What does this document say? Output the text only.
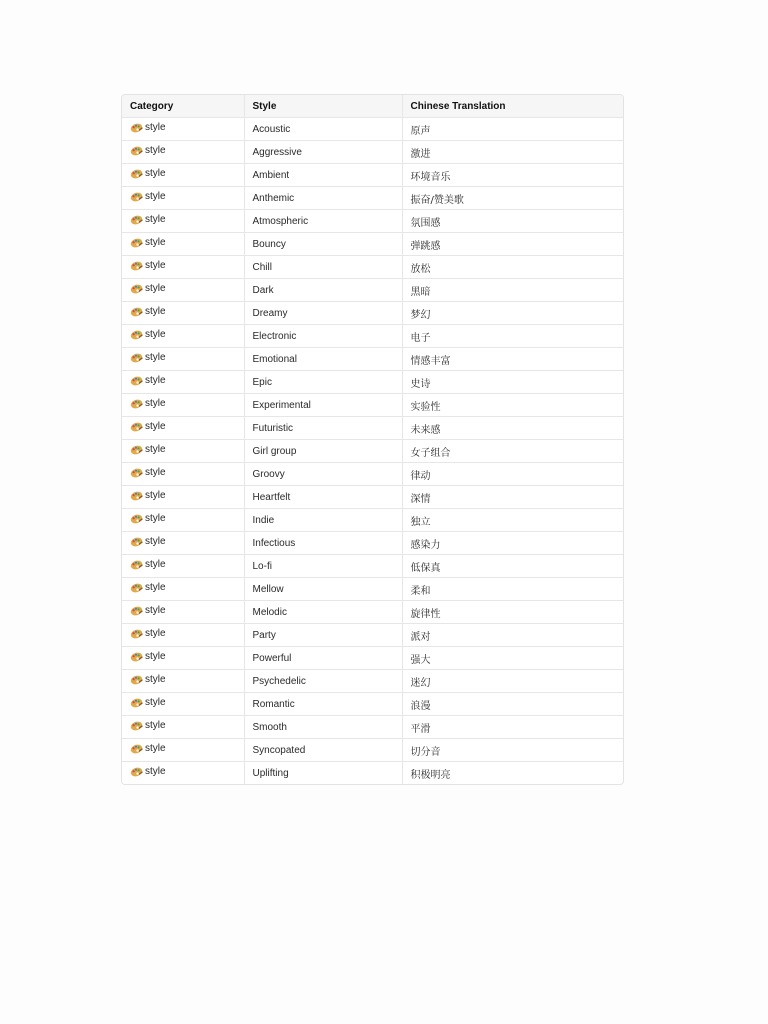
Category	Style	Chinese Translation

style	Acoustic	原声

style	Aggressive	激进

style	Ambient	环境音乐

style	Anthemic	振奋/赞美歌

style	Atmospheric	氛围感

style	Bouncy	弹跳感

style	Chill	放松

style	Dark	黑暗

style	Dreamy	梦幻

style	Electronic	电子

style	Emotional	情感丰富

style	Epic	史诗

style	Experimental	实验性

style	Futuristic	未来感

style	Girl group	女子组合

style	Groovy	律动

style	Heartfelt	深情

style	Indie	独立

style	Infectious	感染力

style	Lo-fi	低保真

style	Mellow	柔和

style	Melodic	旋律性

style	Party	派对

style	Powerful	强大

style	Psychedelic	迷幻

style	Romantic	浪漫

style	Smooth	平滑

style	Syncopated	切分音

style	Uplifting	积极明亮
